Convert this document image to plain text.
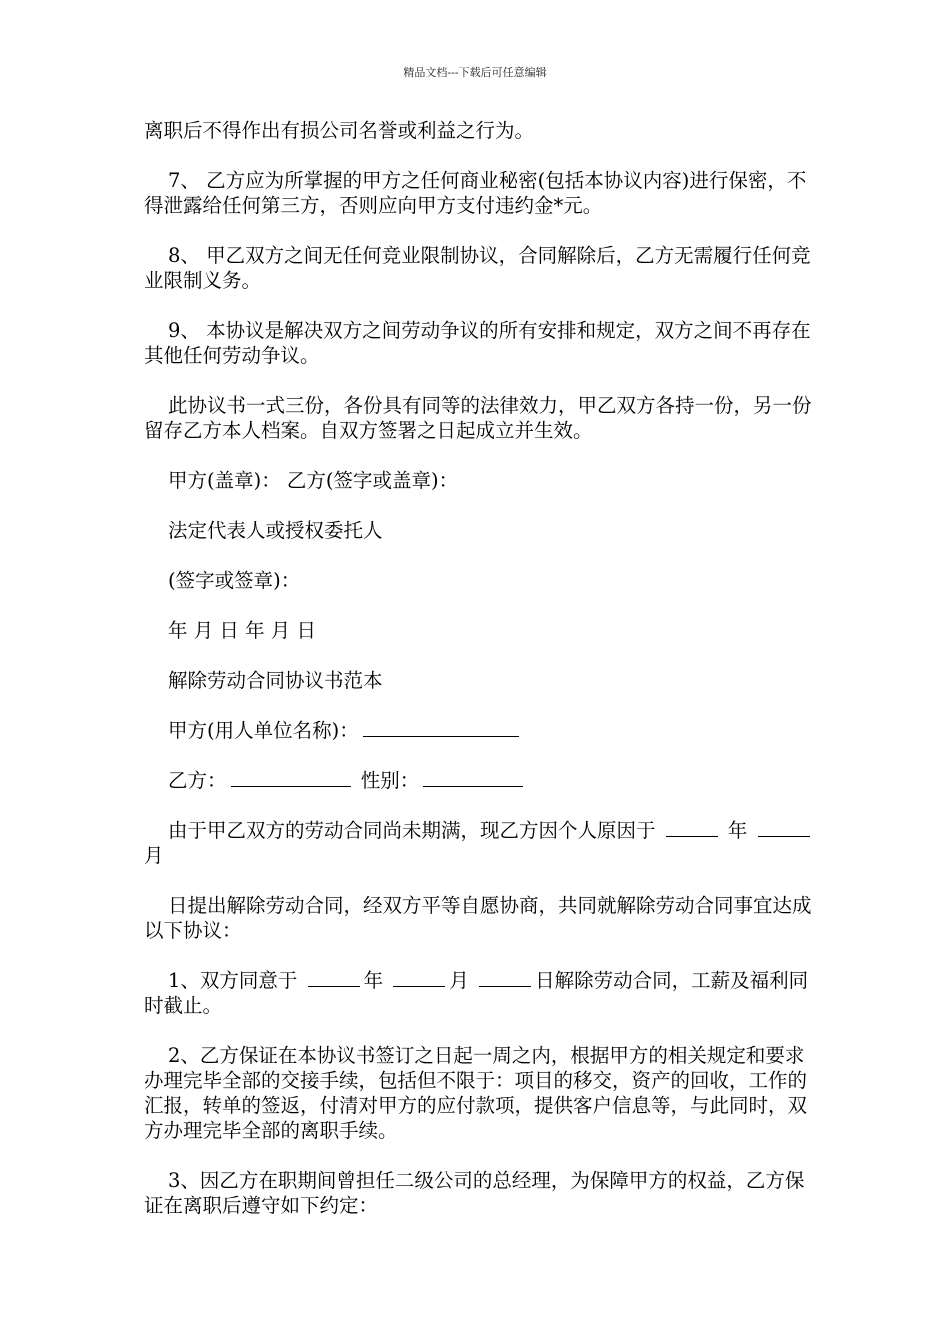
精品文档---下载后可任意编辑
离职后不得作出有损公司名誉或利益之行为。
7、 乙方应为所掌握的甲方之任何商业秘密(包括本协议内容)进行保密，不得泄露给任何第三方，否则应向甲方支付违约金*元。
8、 甲乙双方之间无任何竞业限制协议，合同解除后，乙方无需履行任何竞业限制义务。
9、 本协议是解决双方之间劳动争议的所有安排和规定，双方之间不再存在其他任何劳动争议。
此协议书一式三份，各份具有同等的法律效力，甲乙双方各持一份，另一份留存乙方本人档案。自双方签署之日起成立并生效。
甲方(盖章)： 乙方(签字或盖章)：
法定代表人或授权委托人
(签字或签章)：
年 月 日 年 月 日
解除劳动合同协议书范本
甲方(用人单位名称)：
乙方：	性别：
由于甲乙双方的劳动合同尚未期满，现乙方因个人原因于	年 月
日提出解除劳动合同，经双方平等自愿协商，共同就解除劳动合同事宜达成以下协议：
1、双方同意于	年	月	日解除劳动合同，工薪及福利同时截止。
2、乙方保证在本协议书签订之日起一周之内，根据甲方的相关规定和要求办理完毕全部的交接手续，包括但不限于：项目的移交，资产的回收，工作的汇报，转单的签返，付清对甲方的应付款项，提供客户信息等，与此同时，双方办理完毕全部的离职手续。
3、因乙方在职期间曾担任二级公司的总经理，为保障甲方的权益，乙方保证在离职后遵守如下约定：
